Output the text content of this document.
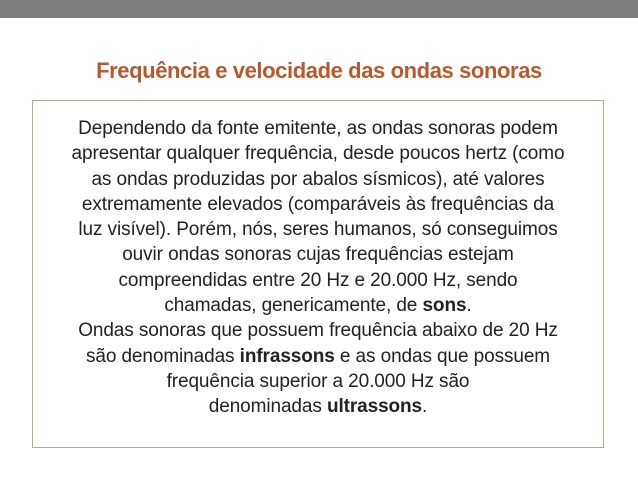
Frequência e velocidade das ondas sonoras

Dependendo da fonte emitente, as ondas sonoras podem
apresentar qualquer frequência, desde poucos hertz (como
as ondas produzidas por abalos sísmicos), até valores
extremamente elevados (comparáveis às frequências da
luz visível). Porém, nós, seres humanos, só conseguimos
ouvir ondas sonoras cujas frequências estejam
compreendidas entre 20 Hz e 20.000 Hz, sendo
chamadas, genericamente, de sons.

Ondas sonoras que possuem frequência abaixo de 20 Hz
são denominadas infrassons e as ondas que possuem
frequência superior a 20.000 Hz são
denominadas ultrassons.
